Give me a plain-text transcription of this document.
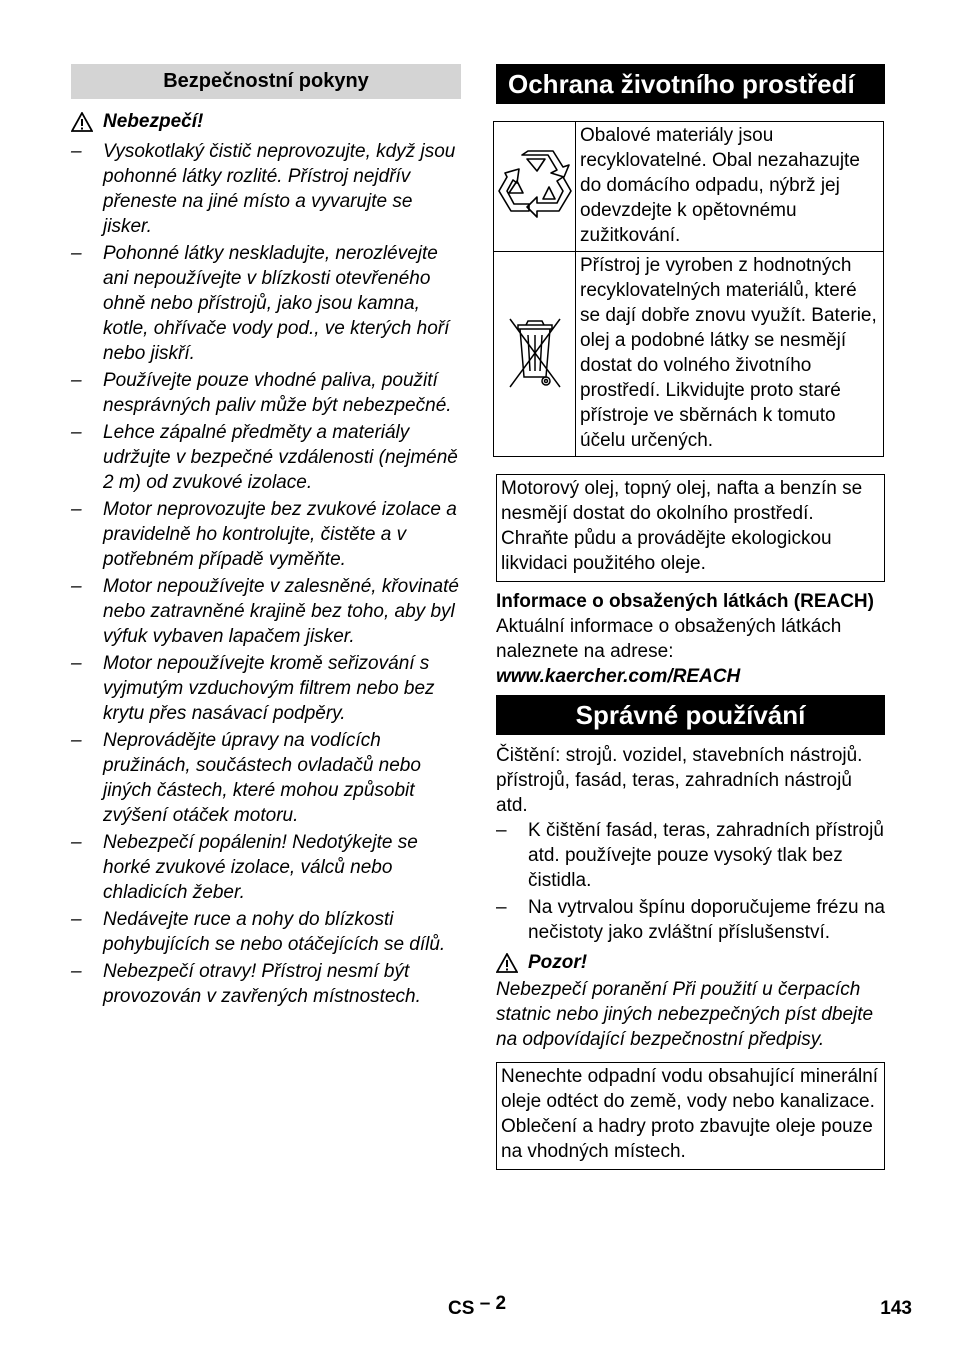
Bezpečnostní pokyny
Nebezpečí!
– Vysokotlaký čistič neprovozujte, když jsou pohonné látky rozlité. Přístroj nejdřív přeneste na jiné místo a vyvarujte se jisker.
– Pohonné látky neskladujte, nerozlévejte ani nepoužívejte v blízkosti otevřeného ohně nebo přístrojů, jako jsou kamna, kotle, ohřívače vody pod., ve kterých hoří nebo jiskří.
– Používejte pouze vhodné paliva, použití nesprávných paliv může být nebezpečné.
– Lehce zápalné předměty a materiály udržujte v bezpečné vzdálenosti (nejméně 2 m) od zvukové izolace.
– Motor neprovozujte bez zvukové izolace a pravidelně ho kontrolujte, čistěte a v potřebném případě vyměňte.
– Motor nepoužívejte v zalesněné, křovinaté nebo zatravněné krajině bez toho, aby byl výfuk vybaven lapačem jisker.
– Motor nepoužívejte kromě seřizování s vyjmutým vzduchovým filtrem nebo bez krytu přes nasávací podpěry.
– Neprovádějte úpravy na vodících pružinách, součástech ovladačů nebo jiných částech, které mohou způsobit zvýšení otáček motoru.
– Nebezpečí popálenin! Nedotýkejte se horké zvukové izolace, válců nebo chladicích žeber.
– Nedávejte ruce a nohy do blízkosti pohybujících se nebo otáčejících se dílů.
– Nebezpečí otravy! Přístroj nesmí být provozován v zavřených místnostech.
Ochrana životního prostředí
	Obalové materiály jsou recyklovatelné. Obal nezahazujte do domácího odpadu, nýbrž jej odevzdejte k opětovnému zužitkování.
	Přístroj je vyroben z hodnotných recyklovatelných materiálů, které se dají dobře znovu využít. Baterie, olej a podobné látky se nesmějí dostat do volného životního prostředí. Likvidujte proto staré přístroje ve sběrnách k tomuto účelu určených.
Motorový olej, topný olej, nafta a benzín se nesmějí dostat do okolního prostředí. Chraňte půdu a provádějte ekologickou likvidaci použitého oleje.

Informace o obsažených látkách (REACH)

Aktuální informace o obsažených látkách naleznete na adrese:

www.kaercher.com/REACH

Správné používání

Čištění: strojů. vozidel, stavebních nástrojů. přístrojů, fasád, teras, zahradních nástrojů atd.

– K čištění fasád, teras, zahradních přístrojů atd. používejte pouze vysoký tlak bez čistidla.
– Na vytrvalou špínu doporučujeme frézu na nečistoty jako zvláštní příslušenství.
Pozor!

Nebezpečí poranění Při použití u čerpacích statnic nebo jiných nebezpečných píst dbejte na odpovídající bezpečnostní předpisy.

Nenechte odpadní vodu obsahující minerální oleje odtéct do země, vody nebo kanalizace. Oblečení a hadry proto zbavujte oleje pouze na vhodných místech.
CS – 2	143
